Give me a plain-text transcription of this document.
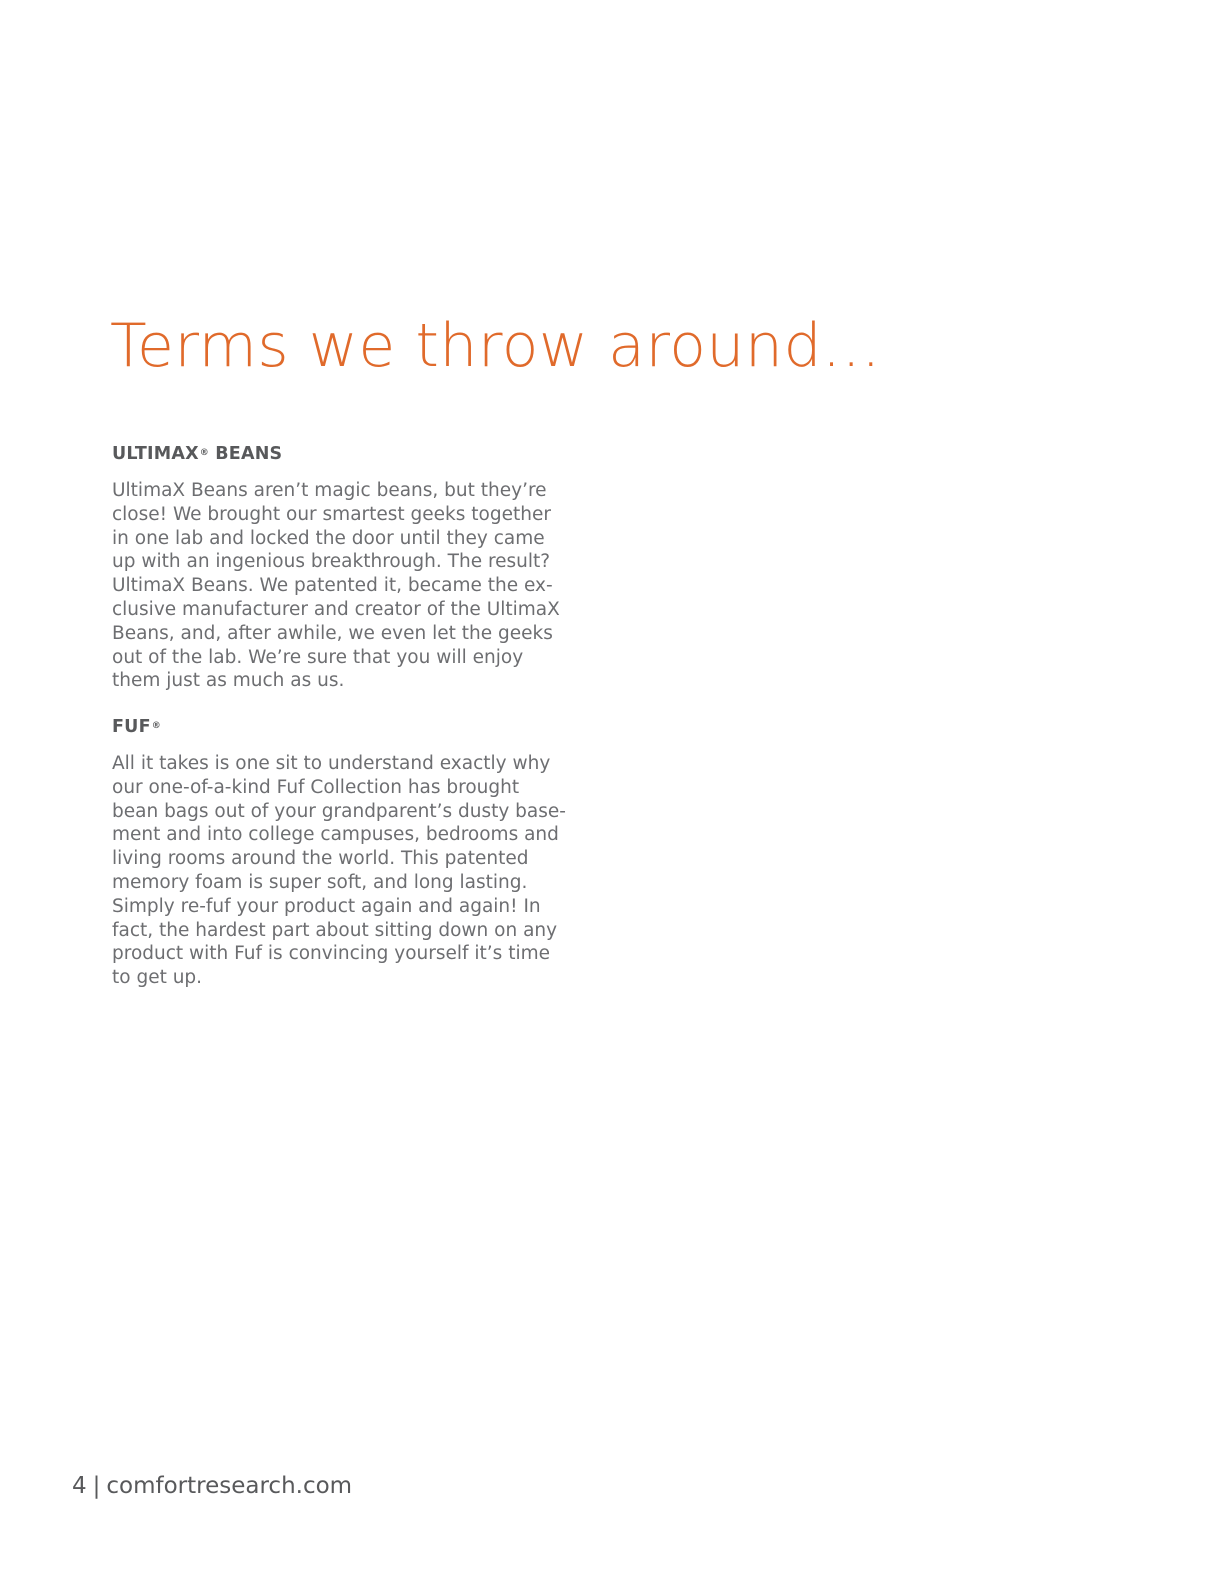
Terms we throw around...
ULTIMAX® BEANS

UltimaX Beans aren’t magic beans, but they’re
close! We brought our smartest geeks together
in one lab and locked the door until they came
up with an ingenious breakthrough. The result?
UltimaX Beans. We patented it, became the ex-
clusive manufacturer and creator of the UltimaX
Beans, and, after awhile, we even let the geeks
out of the lab. We’re sure that you will enjoy
them just as much as us.

FUF®

All it takes is one sit to understand exactly why
our one-of-a-kind Fuf Collection has brought
bean bags out of your grandparent’s dusty base-
ment and into college campuses, bedrooms and
living rooms around the world. This patented
memory foam is super soft, and long lasting.
Simply re-fuf your product again and again! In
fact, the hardest part about sitting down on any
product with Fuf is convincing yourself it’s time
to get up.

4 | comfortresearch.com
